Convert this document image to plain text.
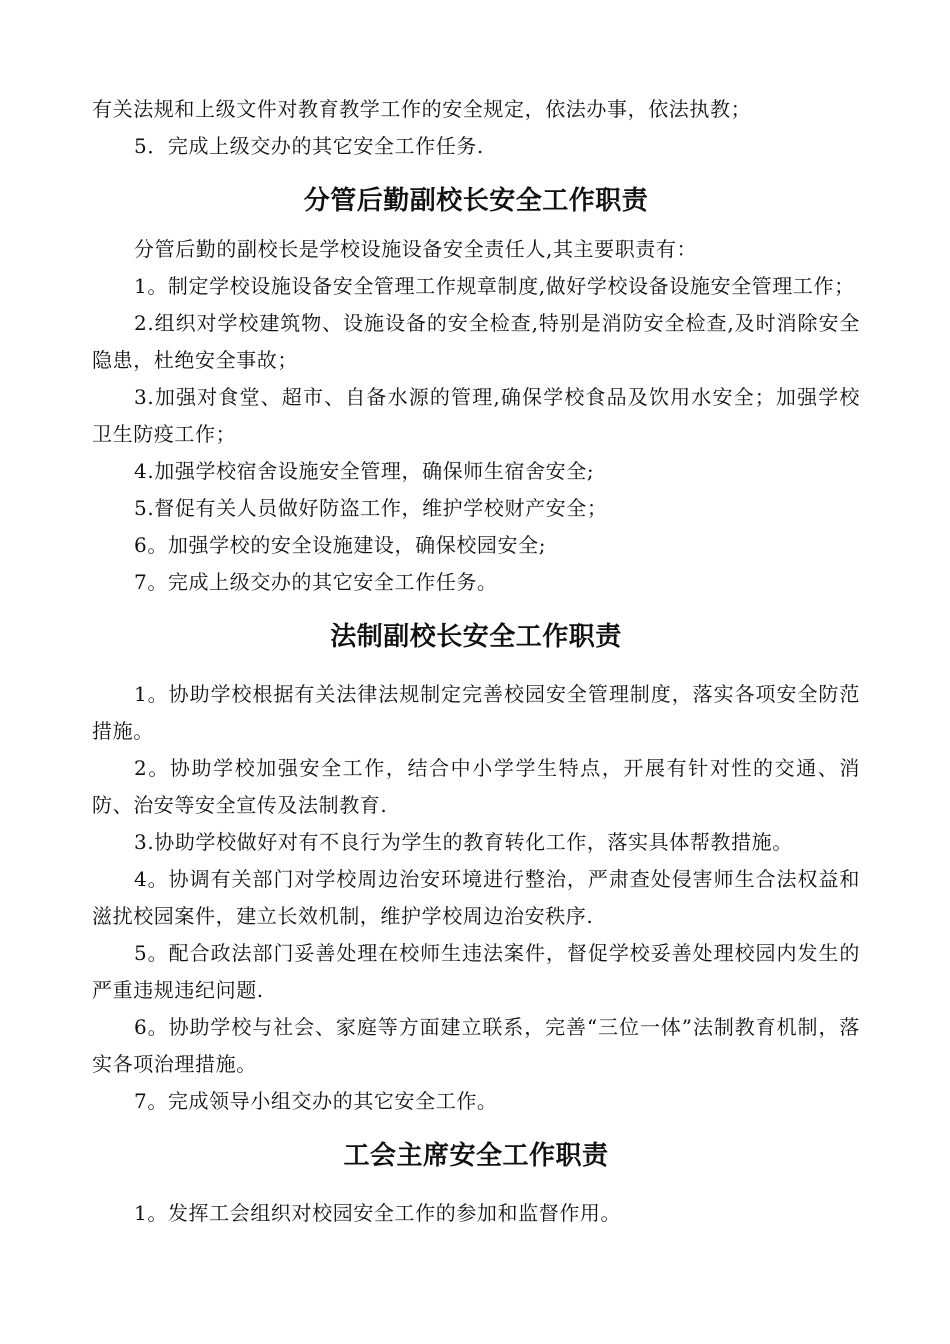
有关法规和上级文件对教育教学工作的安全规定，依法办事，依法执教；

5．完成上级交办的其它安全工作任务.

分管后勤副校长安全工作职责

分管后勤的副校长是学校设施设备安全责任人,其主要职责有：

1。制定学校设施设备安全管理工作规章制度,做好学校设备设施安全管理工作；

2.组织对学校建筑物、设施设备的安全检查,特别是消防安全检查,及时消除安全隐患，杜绝安全事故；

3.加强对食堂、超市、自备水源的管理,确保学校食品及饮用水安全；加强学校卫生防疫工作；

4.加强学校宿舍设施安全管理，确保师生宿舍安全;

5.督促有关人员做好防盗工作，维护学校财产安全；

6。加强学校的安全设施建设，确保校园安全;

7。完成上级交办的其它安全工作任务。

法制副校长安全工作职责

1。协助学校根据有关法律法规制定完善校园安全管理制度，落实各项安全防范措施。

2。协助学校加强安全工作，结合中小学学生特点，开展有针对性的交通、消防、治安等安全宣传及法制教育.

3.协助学校做好对有不良行为学生的教育转化工作，落实具体帮教措施。

4。协调有关部门对学校周边治安环境进行整治，严肃查处侵害师生合法权益和滋扰校园案件，建立长效机制，维护学校周边治安秩序.

5。配合政法部门妥善处理在校师生违法案件，督促学校妥善处理校园内发生的严重违规违纪问题.

6。协助学校与社会、家庭等方面建立联系，完善“三位一体”法制教育机制，落实各项治理措施。

7。完成领导小组交办的其它安全工作。

工会主席安全工作职责

1。发挥工会组织对校园安全工作的参加和监督作用。
